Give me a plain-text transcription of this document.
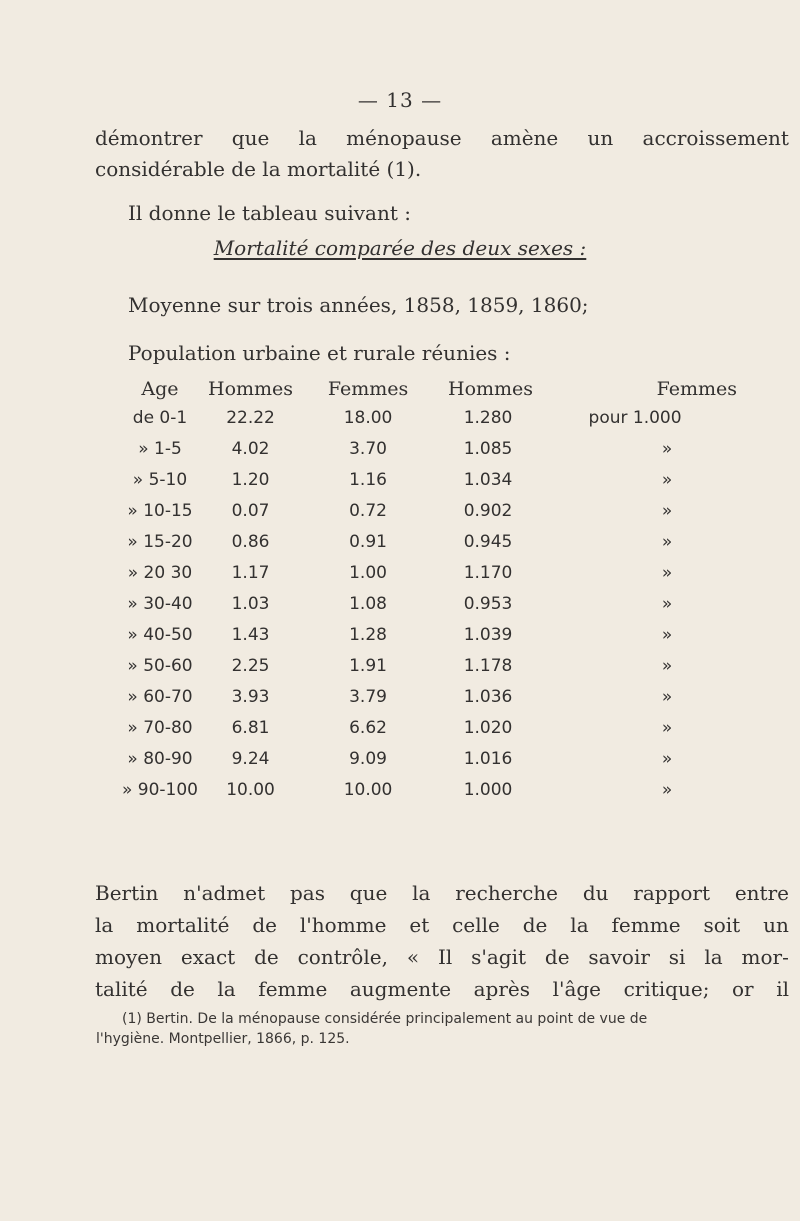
— 13 —
démontrer que la ménopause amène un accroissement
considérable de la mortalité (1).
Il donne le tableau suivant :
Mortalité comparée des deux sexes :
Moyenne sur trois années, 1858, 1859, 1860;
Population urbaine et rurale réunies :
Age	Hommes	Femmes	Hommes	Femmes
de 0-1	22.22	18.00	1.280	pour 1.000
» 1-5	4.02	3.70	1.085	»
» 5-10	1.20	1.16	1.034	»
» 10-15	0.07	0.72	0.902	»
» 15-20	0.86	0.91	0.945	»
» 20 30	1.17	1.00	1.170	»
» 30-40	1.03	1.08	0.953	»
» 40-50	1.43	1.28	1.039	»
» 50-60	2.25	1.91	1.178	»
» 60-70	3.93	3.79	1.036	»
» 70-80	6.81	6.62	1.020	»
» 80-90	9.24	9.09	1.016	»
» 90-100	10.00	10.00	1.000	»
Bertin n'admet pas que la recherche du rapport entre
la mortalité de l'homme et celle de la femme soit un
moyen exact de contrôle, « Il s'agit de savoir si la mor-
talité de la femme augmente après l'âge critique; or il
(1) Bertin. De la ménopause considérée principalement au point de vue de
l'hygiène. Montpellier, 1866, p. 125.
